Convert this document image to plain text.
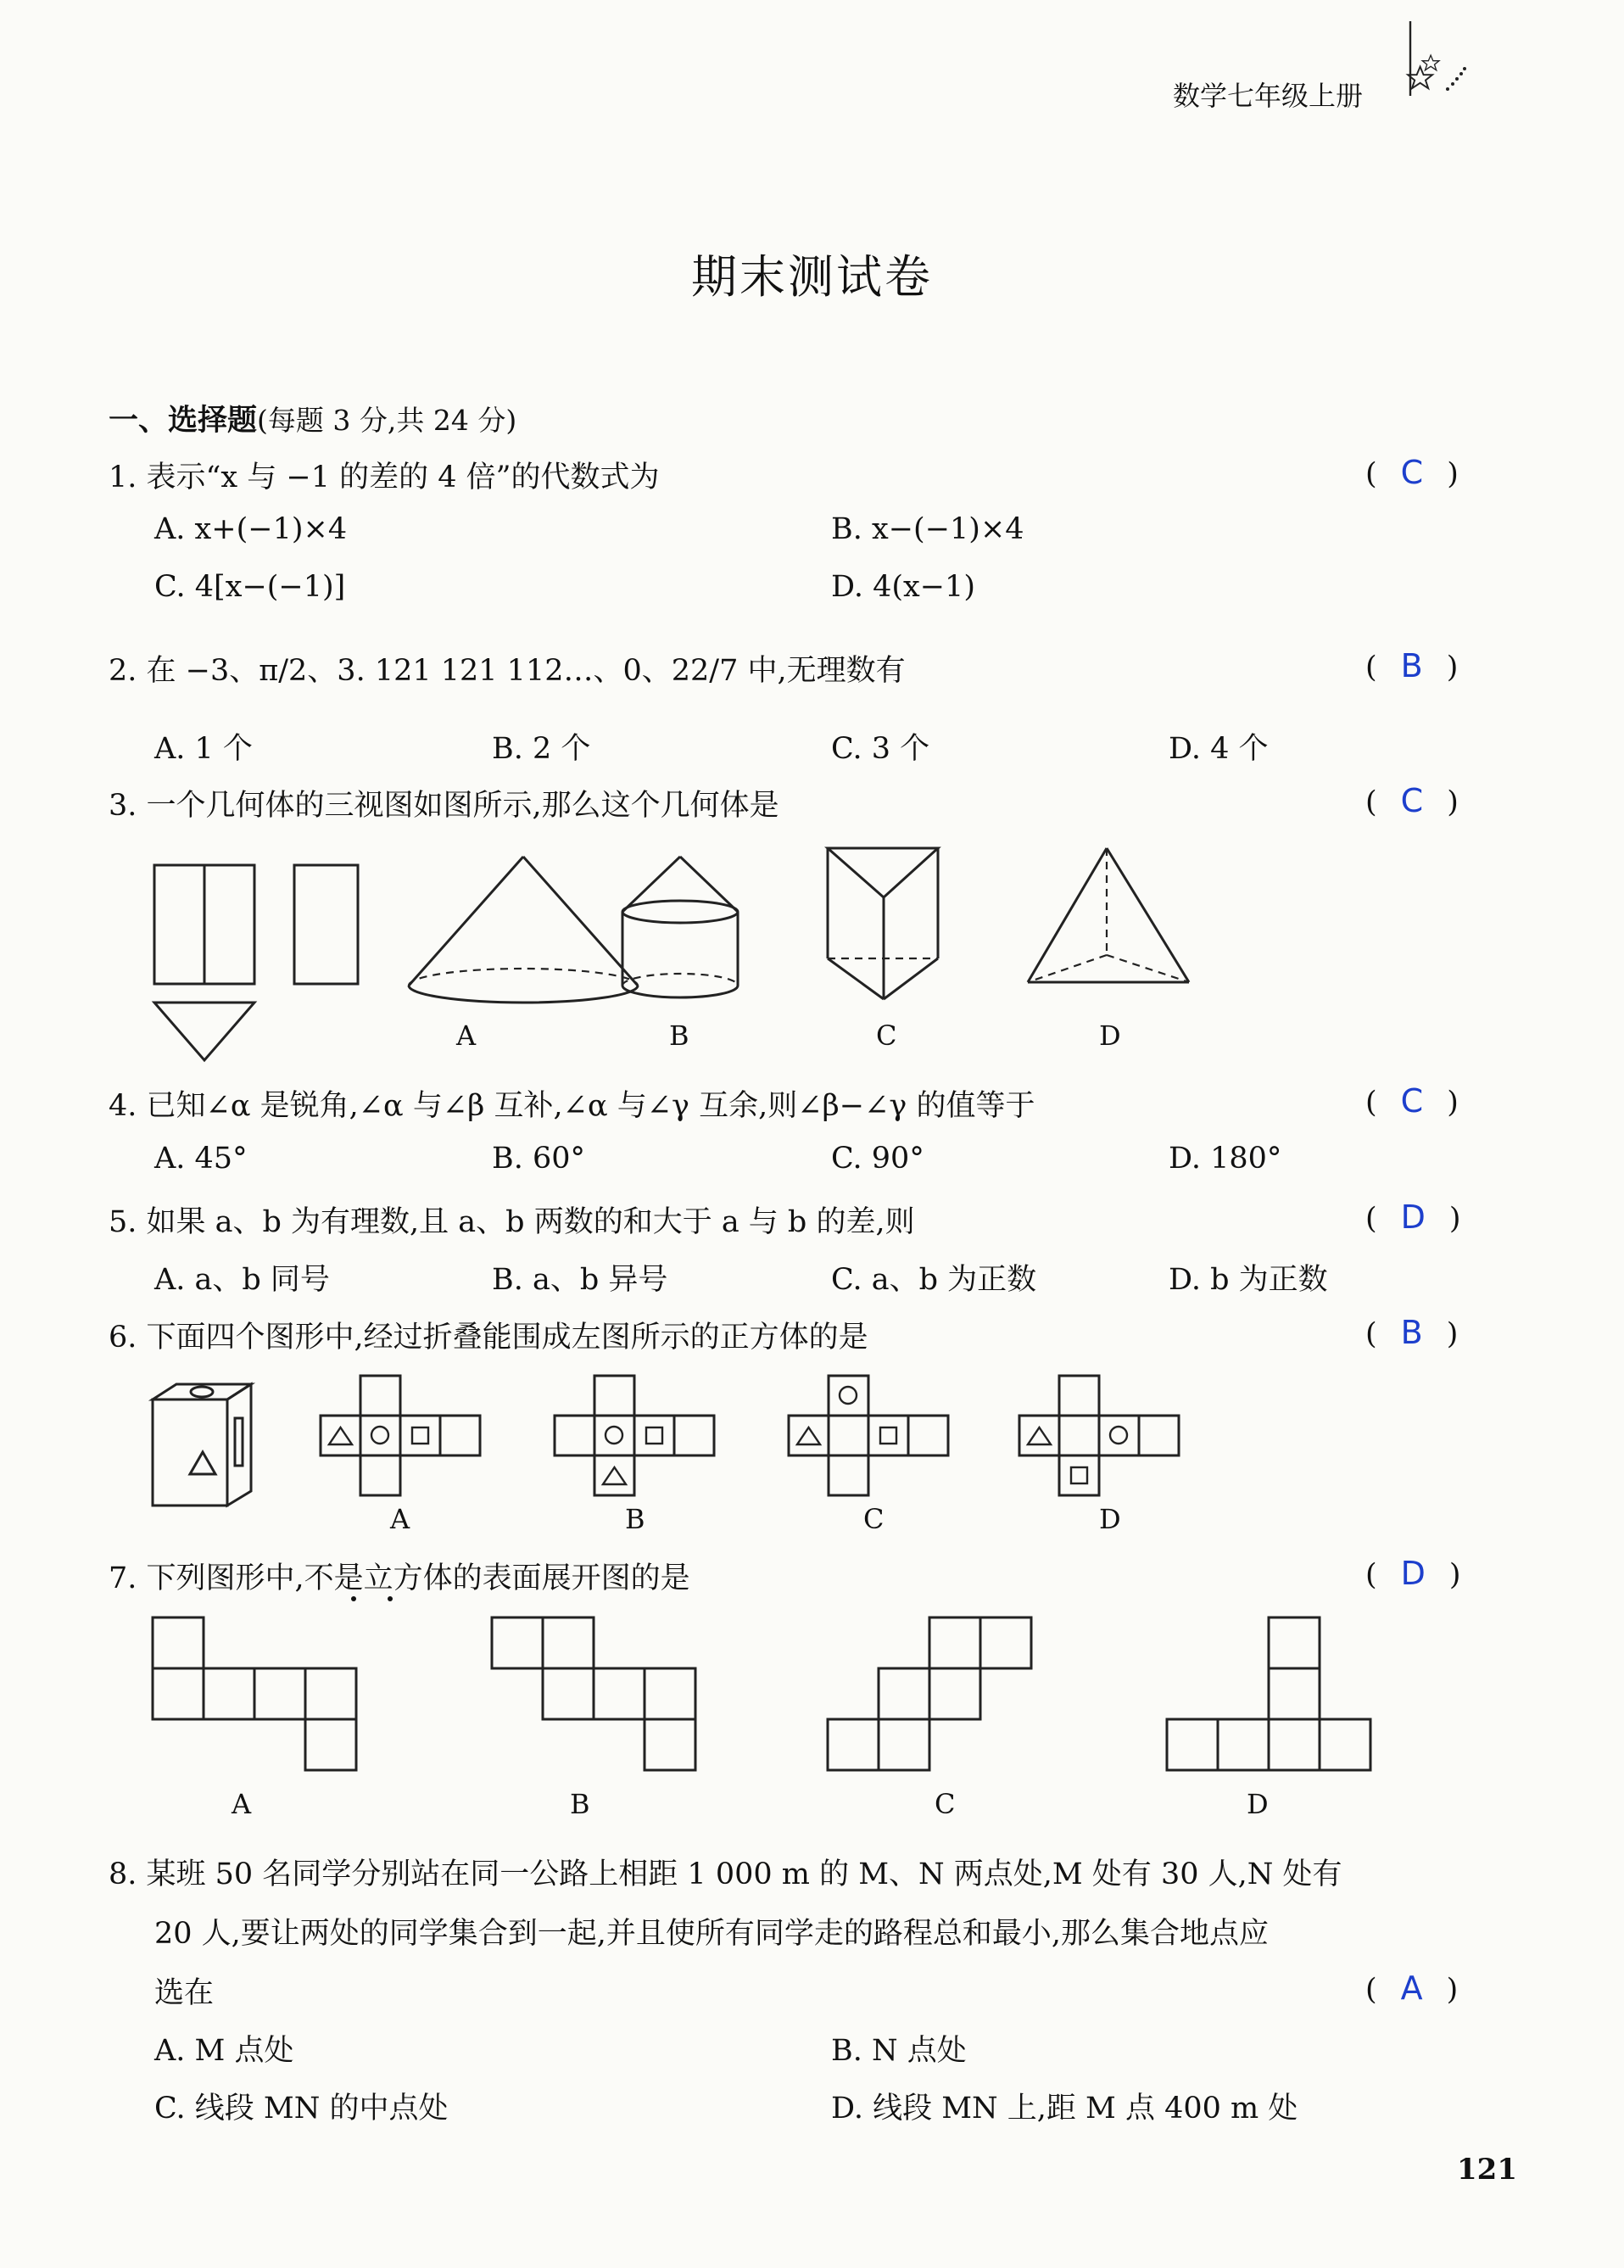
数学七年级上册
期末测试卷
一、选择题(每题 3 分,共 24 分)
1. 表示“x 与 −1 的差的 4 倍”的代数式为	( C )
A. x+(−1)×4	B. x−(−1)×4
C. 4[x−(−1)]	D. 4(x−1)
2. 在 −3、π/2、3. 121 121 112…、0、22/7 中,无理数有	( B )
A. 1 个	B. 2 个	C. 3 个	D. 4 个
3. 一个几何体的三视图如图所示,那么这个几何体是	( C )
A	B	C	D
4. 已知∠α 是锐角,∠α 与∠β 互补,∠α 与∠γ 互余,则∠β−∠γ 的值等于	( C )
A. 45°	B. 60°	C. 90°	D. 180°
5. 如果 a、b 为有理数,且 a、b 两数的和大于 a 与 b 的差,则	( D )
A. a、b 同号	B. a、b 异号	C. a、b 为正数	D. b 为正数
6. 下面四个图形中,经过折叠能围成左图所示的正方体的是	( B )
A	B	C	D
7. 下列图形中,不是立方体的表面展开图的是	( D )
A	B	C	D
8. 某班 50 名同学分别站在同一公路上相距 1 000 m 的 M、N 两点处,M 处有 30 人,N 处有
20 人,要让两处的同学集合到一起,并且使所有同学走的路程总和最小,那么集合地点应
选在	( A )
A. M 点处	B. N 点处
C. 线段 MN 的中点处	D. 线段 MN 上,距 M 点 400 m 处
121
